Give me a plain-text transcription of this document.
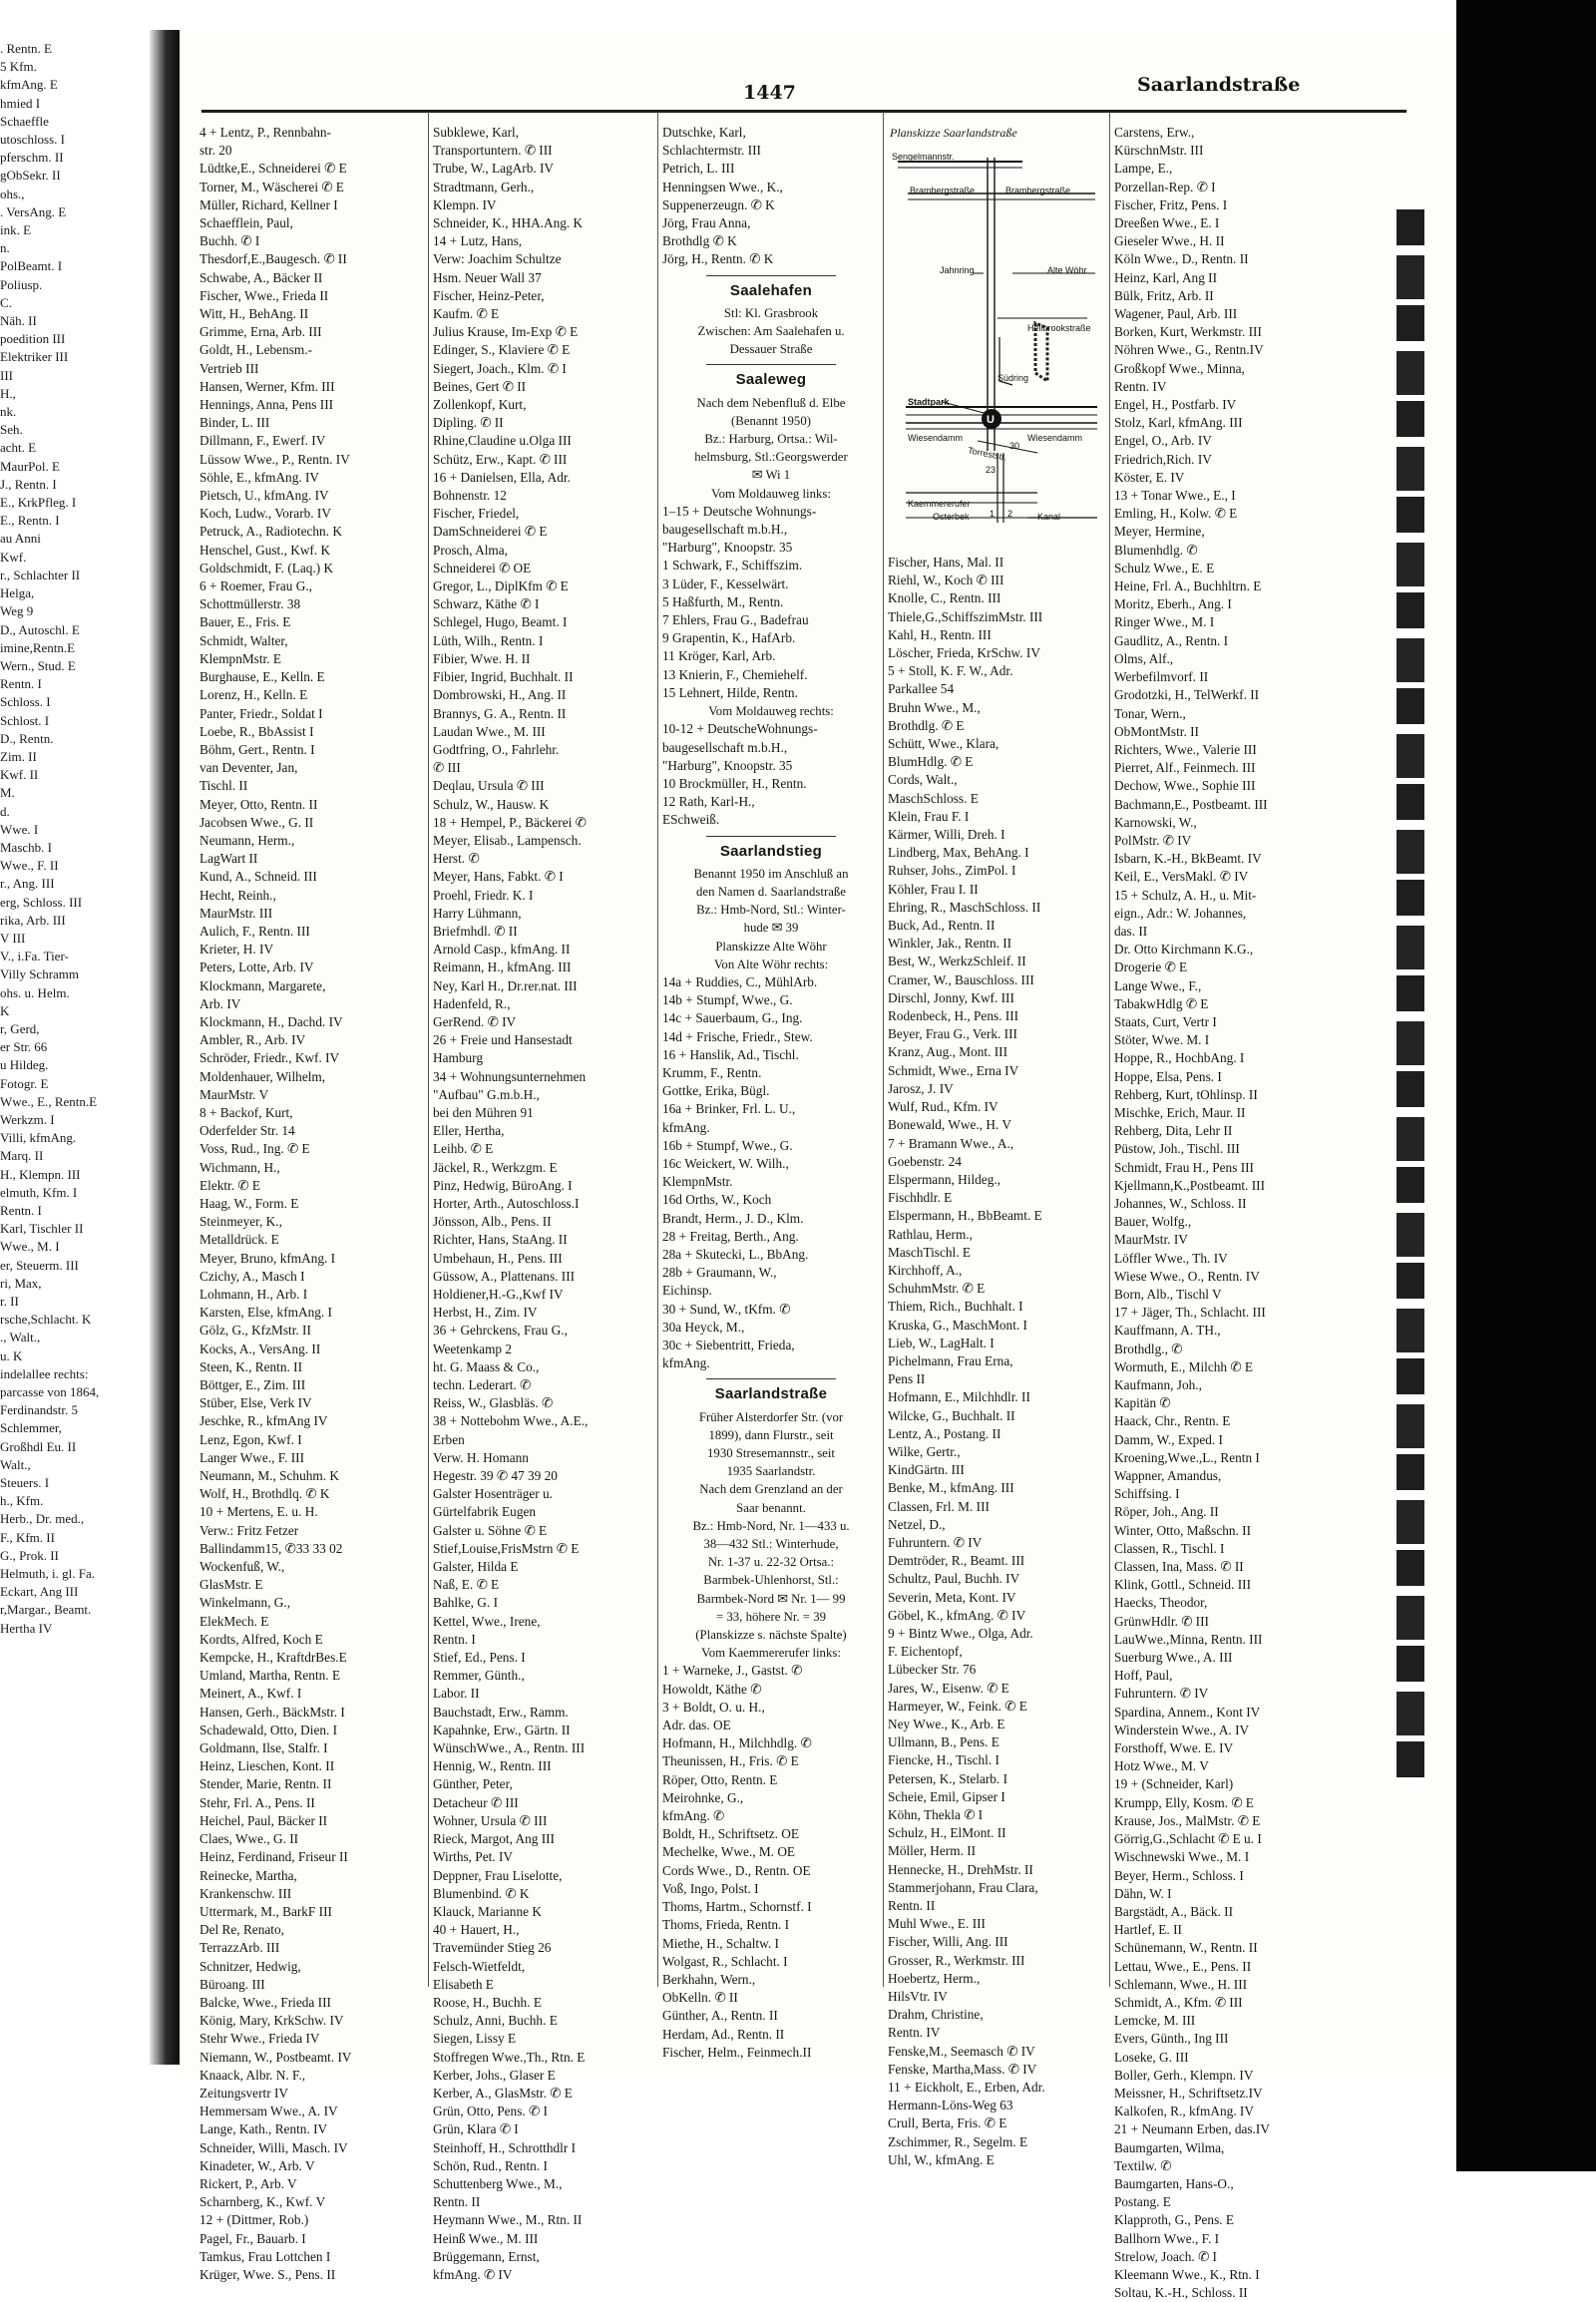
. Rentn. E
5 Kfm.
kfmAng. E
hmied I
Schaeffle
utoschloss. I
pferschm. II
gObSekr. II
ohs.,
. VersAng. E
ink. E
n.
PolBeamt. I
Poliusp.
C.
Näh. II
poedition III
Elektriker III
III
H.,
nk.
Seh.
acht. E
MaurPol. E
J., Rentn. I
E., KrkPfleg. I
E., Rentn. I
au Anni
Kwf.
r., Schlachter II
Helga,
Weg 9
D., Autoschl. E
imine,Rentn.E
Wern., Stud. E
Rentn. I
Schloss. I
Schlost. I
D., Rentn.
Zim. II
Kwf. II
M.
d.
Wwe. I
Maschb. I
Wwe., F. II
r., Ang. III
erg, Schloss. III
rika, Arb. III
V III
V., i.Fa. Tier-
Villy Schramm
ohs. u. Helm.
K
r, Gerd,
er Str. 66
u Hildeg.
Fotogr. E
Wwe., E., Rentn.E
Werkzm. I
Villi, kfmAng.
Marq. II
H., Klempn. III
elmuth, Kfm. I
Rentn. I
Karl, Tischler II
Wwe., M. I
er, Steuerm. III
ri, Max,
r. II
rsche,Schlacht. K
., Walt.,
u. K
indelallee rechts:
parcasse von 1864,
Ferdinandstr. 5
Schlemmer,
Großhdl Eu. II
Walt.,
Steuers. I
h., Kfm.
Herb., Dr. med.,
F., Kfm. II
G., Prok. II
Helmuth, i. gl. Fa.
Eckart, Ang III
r,Margar., Beamt.
Hertha IV
1447	Saarlandstraße
4 + Lentz, P., Rennbahn-
str. 20
Lüdtke,E., Schneiderei ✆ E
Torner, M., Wäscherei ✆ E
Müller, Richard, Kellner I
Schaefflein, Paul,
Buchh. ✆ I
Thesdorf,E.,Baugesch. ✆ II
Schwabe, A., Bäcker II
Fischer, Wwe., Frieda II
Witt, H., BehAng. II
Grimme, Erna, Arb. III
Goldt, H., Lebensm.-
Vertrieb III
Hansen, Werner, Kfm. III
Hennings, Anna, Pens III
Binder, L. III
Dillmann, F., Ewerf. IV
Lüssow Wwe., P., Rentn. IV
Söhle, E., kfmAng. IV
Pietsch, U., kfmAng. IV
Koch, Ludw., Vorarb. IV
Petruck, A., Radiotechn. K
Henschel, Gust., Kwf. K
Goldschmidt, F. (Laq.) K
6 + Roemer, Frau G.,
Schottmüllerstr. 38
Bauer, E., Fris. E
Schmidt, Walter,
KlempnMstr. E
Burghause, E., Kelln. E
Lorenz, H., Kelln. E
Panter, Friedr., Soldat I
Loebe, R., BbAssist I
Böhm, Gert., Rentn. I
van Deventer, Jan,
Tischl. II
Meyer, Otto, Rentn. II
Jacobsen Wwe., G. II
Neumann, Herm.,
LagWart II
Kund, A., Schneid. III
Hecht, Reinh.,
MaurMstr. III
Aulich, F., Rentn. III
Krieter, H. IV
Peters, Lotte, Arb. IV
Klockmann, Margarete,
Arb. IV
Klockmann, H., Dachd. IV
Ambler, R., Arb. IV
Schröder, Friedr., Kwf. IV
Moldenhauer, Wilhelm,
MaurMstr. V
8 + Backof, Kurt,
Oderfelder Str. 14
Voss, Rud., Ing. ✆ E
Wichmann, H.,
Elektr. ✆ E
Haag, W., Form. E
Steinmeyer, K.,
Metalldrück. E
Meyer, Bruno, kfmAng. I
Czichy, A., Masch I
Lohmann, H., Arb. I
Karsten, Else, kfmAng. I
Gölz, G., KfzMstr. II
Kocks, A., VersAng. II
Steen, K., Rentn. II
Böttger, E., Zim. III
Stüber, Else, Verk IV
Jeschke, R., kfmAng IV
Lenz, Egon, Kwf. I
Langer Wwe., F. III
Neumann, M., Schuhm. K
Wolf, H., Brothdlq. ✆ K
10 + Mertens, E. u. H.
Verw.: Fritz Fetzer
Ballindamm15, ✆33 33 02
Wockenfuß, W.,
GlasMstr. E
Winkelmann, G.,
ElekMech. E
Kordts, Alfred, Koch E
Kempcke, H., KraftdrBes.E
Umland, Martha, Rentn. E
Meinert, A., Kwf. I
Hansen, Gerh., BäckMstr. I
Schadewald, Otto, Dien. I
Goldmann, Ilse, Stalfr. I
Heinz, Lieschen, Kont. II
Stender, Marie, Rentn. II
Stehr, Frl. A., Pens. II
Heichel, Paul, Bäcker II
Claes, Wwe., G. II
Heinz, Ferdinand, Friseur II
Reinecke, Martha,
Krankenschw. III
Uttermark, M., BarkF III
Del Re, Renato,
TerrazzArb. III
Schnitzer, Hedwig,
Büroang. III
Balcke, Wwe., Frieda III
König, Mary, KrkSchw. IV
Stehr Wwe., Frieda IV
Niemann, W., Postbeamt. IV
Knaack, Albr. N. F.,
Zeitungsvertr IV
Hemmersam Wwe., A. IV
Lange, Kath., Rentn. IV
Schneider, Willi, Masch. IV
Kinadeter, W., Arb. V
Rickert, P., Arb. V
Scharnberg, K., Kwf. V
12 + (Dittmer, Rob.)
Pagel, Fr., Bauarb. I
Tamkus, Frau Lottchen I
Krüger, Wwe. S., Pens. II
Subklewe, Karl,
Transportuntern. ✆ III
Trube, W., LagArb. IV
Stradtmann, Gerh.,
Klempn. IV
Schneider, K., HHA.Ang. K
14 + Lutz, Hans,
Verw: Joachim Schultze
Hsm. Neuer Wall 37
Fischer, Heinz-Peter,
Kaufm. ✆ E
Julius Krause, Im-Exp ✆ E
Edinger, S., Klaviere ✆ E
Siegert, Joach., Klm. ✆ I
Beines, Gert ✆ II
Zollenkopf, Kurt,
Dipling. ✆ II
Rhine,Claudine u.Olga III
Schütz, Erw., Kapt. ✆ III
16 + Danielsen, Ella, Adr.
Bohnenstr. 12
Fischer, Friedel,
DamSchneiderei ✆ E
Prosch, Alma,
Schneiderei ✆ OE
Gregor, L., DiplKfm ✆ E
Schwarz, Käthe ✆ I
Schlegel, Hugo, Beamt. I
Lüth, Wilh., Rentn. I
Fibier, Wwe. H. II
Fibier, Ingrid, Buchhalt. II
Dombrowski, H., Ang. II
Brannys, G. A., Rentn. II
Laudan Wwe., M. III
Godtfring, O., Fahrlehr.
✆ III
Deqlau, Ursula ✆ III
Schulz, W., Hausw. K
18 + Hempel, P., Bäckerei ✆
Meyer, Elisab., Lampensch.
Herst. ✆
Meyer, Hans, Fabkt. ✆ I
Proehl, Friedr. K. I
Harry Lühmann,
Briefmhdl. ✆ II
Arnold Casp., kfmAng. II
Reimann, H., kfmAng. III
Ney, Karl H., Dr.rer.nat. III
Hadenfeld, R.,
GerRend. ✆ IV
26 + Freie und Hansestadt
Hamburg
34 + Wohnungsunternehmen
"Aufbau" G.m.b.H.,
bei den Mühren 91
Eller, Hertha,
Leihb. ✆ E
Jäckel, R., Werkzgm. E
Pinz, Hedwig, BüroAng. I
Horter, Arth., Autoschloss.I
Jönsson, Alb., Pens. II
Richter, Hans, StaAng. II
Umbehaun, H., Pens. III
Güssow, A., Plattenans. III
Holdiener,H.-G.,Kwf IV
Herbst, H., Zim. IV
36 + Gehrckens, Frau G.,
Weetenkamp 2
ht. G. Maass & Co.,
techn. Lederart. ✆
Reiss, W., Glasbläs. ✆
38 + Nottebohm Wwe., A.E.,
Erben
Verw. H. Homann
Hegestr. 39 ✆ 47 39 20
Galster Hosenträger u.
Gürtelfabrik Eugen
Galster u. Söhne ✆ E
Stief,Louise,FrisMstrn ✆ E
Galster, Hilda E
Naß, E. ✆ E
Bahlke, G. I
Kettel, Wwe., Irene,
Rentn. I
Stief, Ed., Pens. I
Remmer, Günth.,
Labor. II
Bauchstadt, Erw., Ramm.
Kapahnke, Erw., Gärtn. II
WünschWwe., A., Rentn. III
Hennig, W., Rentn. III
Günther, Peter,
Detacheur ✆ III
Wohner, Ursula ✆ III
Rieck, Margot, Ang III
Wirths, Pet. IV
Deppner, Frau Liselotte,
Blumenbind. ✆ K
Klauck, Marianne K
40 + Hauert, H.,
Travemünder Stieg 26
Felsch-Wietfeldt,
Elisabeth E
Roose, H., Buchh. E
Schulz, Anni, Buchh. E
Siegen, Lissy E
Stoffregen Wwe.,Th., Rtn. E
Kerber, Johs., Glaser E
Kerber, A., GlasMstr. ✆ E
Grün, Otto, Pens. ✆ I
Grün, Klara ✆ I
Steinhoff, H., Schrotthdlr I
Schön, Rud., Rentn. I
Schuttenberg Wwe., M.,
Rentn. II
Heymann Wwe., M., Rtn. II
Heinß Wwe., M. III
Brüggemann, Ernst,
kfmAng. ✆ IV
Dutschke, Karl,
Schlachtermstr. III
Petrich, L. III
Henningsen Wwe., K.,
Suppenerzeugn. ✆ K
Jörg, Frau Anna,
Brothdlg ✆ K
Jörg, H., Rentn. ✆ K
Saalehafen
Stl: Kl. Grasbrook
Zwischen: Am Saalehafen u.
Dessauer Straße
Saaleweg
Nach dem Nebenfluß d. Elbe
(Benannt 1950)
Bz.: Harburg, Ortsa.: Wil-
helmsburg, Stl.:Georgswerder
✉ Wi 1
Vom Moldauweg links:
1–15 + Deutsche Wohnungs-
baugesellschaft m.b.H.,
"Harburg", Knoopstr. 35
1 Schwark, F., Schiffszim.
3 Lüder, F., Kesselwärt.
5 Haßfurth, M., Rentn.
7 Ehlers, Frau G., Badefrau
9 Grapentin, K., HafArb.
11 Kröger, Karl, Arb.
13 Knierin, F., Chemiehelf.
15 Lehnert, Hilde, Rentn.
Vom Moldauweg rechts:
10-12 + DeutscheWohnungs-
baugesellschaft m.b.H.,
"Harburg", Knoopstr. 35
10 Brockmüller, H., Rentn.
12 Rath, Karl-H.,
ESchweiß.
Saarlandstieg
Benannt 1950 im Anschluß an
den Namen d. Saarlandstraße
Bz.: Hmb-Nord, Stl.: Winter-
hude ✉ 39
Planskizze Alte Wöhr
Von Alte Wöhr rechts:
14a + Ruddies, C., MühlArb.
14b + Stumpf, Wwe., G.
14c + Sauerbaum, G., Ing.
14d + Frische, Friedr., Stew.
16 + Hanslik, Ad., Tischl.
Krumm, F., Rentn.
Gottke, Erika, Bügl.
16a + Brinker, Frl. L. U.,
kfmAng.
16b + Stumpf, Wwe., G.
16c Weickert, W. Wilh.,
KlempnMstr.
16d Orths, W., Koch
Brandt, Herm., J. D., Klm.
28 + Freitag, Berth., Ang.
28a + Skutecki, L., BbAng.
28b + Graumann, W.,
Eichinsp.
30 + Sund, W., tKfm. ✆
30a Heyck, M.,
30c + Siebentritt, Frieda,
kfmAng.
Saarlandstraße
Früher Alsterdorfer Str. (vor
1899), dann Flurstr., seit
1930 Stresemannstr., seit
1935 Saarlandstr.
Nach dem Grenzland an der
Saar benannt.
Bz.: Hmb-Nord, Nr. 1—433 u.
38—432 Stl.: Winterhude,
Nr. 1-37 u. 22-32 Ortsa.:
Barmbek-Uhlenhorst, Stl.:
Barmbek-Nord ✉ Nr. 1— 99
= 33, höhere Nr. = 39
(Planskizze s. nächste Spalte)
Vom Kaemmererufer links:
1 + Warneke, J., Gastst. ✆
Howoldt, Käthe ✆
3 + Boldt, O. u. H.,
Adr. das. OE
Hofmann, H., Milchhdlg. ✆
Theunissen, H., Fris. ✆ E
Röper, Otto, Rentn. E
Meirohnke, G.,
kfmAng. ✆
Boldt, H., Schriftsetz. OE
Mechelke, Wwe., M. OE
Cords Wwe., D., Rentn. OE
Voß, Ingo, Polst. I
Thoms, Hartm., Schornstf. I
Thoms, Frieda, Rentn. I
Miethe, H., Schaltw. I
Wolgast, R., Schlacht. I
Berkhahn, Wern.,
ObKelln. ✆ II
Günther, A., Rentn. II
Herdam, Ad., Rentn. II
Fischer, Helm., Feinmech.II
Planskizze Saarlandstraße
U
Sengelmannstr.
Brambergstraße	Brambergstraße
Jahnring	Alte Wöhr
Südring
Hellbrookstraße
Stadtpark
Wiesendamm	Wiesendamm
Torreststr.
Kaemmererufer
Osterbek	Kanal
23
30
1 2
Fischer, Hans, Mal. II
Riehl, W., Koch ✆ III
Knolle, C., Rentn. III
Thiele,G.,SchiffszimMstr. III
Kahl, H., Rentn. III
Löscher, Frieda, KrSchw. IV
5 + Stoll, K. F. W., Adr.
Parkallee 54
Bruhn Wwe., M.,
Brothdlg. ✆ E
Schütt, Wwe., Klara,
BlumHdlg. ✆ E
Cords, Walt.,
MaschSchloss. E
Klein, Frau F. I
Kärmer, Willi, Dreh. I
Lindberg, Max, BehAng. I
Ruhser, Johs., ZimPol. I
Köhler, Frau I. II
Ehring, R., MaschSchloss. II
Buck, Ad., Rentn. II
Winkler, Jak., Rentn. II
Best, W., WerkzSchleif. II
Cramer, W., Bauschloss. III
Dirschl, Jonny, Kwf. III
Rodenbeck, H., Pens. III
Beyer, Frau G., Verk. III
Kranz, Aug., Mont. III
Schmidt, Wwe., Erna IV
Jarosz, J. IV
Wulf, Rud., Kfm. IV
Bonewald, Wwe., H. V
7 + Bramann Wwe., A.,
Goebenstr. 24
Elspermann, Hildeg.,
Fischhdlr. E
Elspermann, H., BbBeamt. E
Rathlau, Herm.,
MaschTischl. E
Kirchhoff, A.,
SchuhmMstr. ✆ E
Thiem, Rich., Buchhalt. I
Kruska, G., MaschMont. I
Lieb, W., LagHalt. I
Pichelmann, Frau Erna,
Pens II
Hofmann, E., Milchhdlr. II
Wilcke, G., Buchhalt. II
Lentz, A., Postang. II
Wilke, Gertr.,
KindGärtn. III
Benke, M., kfmAng. III
Classen, Frl. M. III
Netzel, D.,
Fuhruntern. ✆ IV
Demtröder, R., Beamt. III
Schultz, Paul, Buchh. IV
Severin, Meta, Kont. IV
Göbel, K., kfmAng. ✆ IV
9 + Bintz Wwe., Olga, Adr.
F. Eichentopf,
Lübecker Str. 76
Jares, W., Eisenw. ✆ E
Harmeyer, W., Feink. ✆ E
Ney Wwe., K., Arb. E
Ullmann, B., Pens. E
Fiencke, H., Tischl. I
Petersen, K., Stelarb. I
Scheie, Emil, Gipser I
Köhn, Thekla ✆ I
Schulz, H., ElMont. II
Möller, Herm. II
Hennecke, H., DrehMstr. II
Stammerjohann, Frau Clara,
Rentn. II
Muhl Wwe., E. III
Fischer, Willi, Ang. III
Grosser, R., Werkmstr. III
Hoebertz, Herm.,
HilsVtr. IV
Drahm, Christine,
Rentn. IV
Fenske,M., Seemasch ✆ IV
Fenske, Martha,Mass. ✆ IV
11 + Eickholt, E., Erben, Adr.
Hermann-Löns-Weg 63
Crull, Berta, Fris. ✆ E
Zschimmer, R., Segelm. E
Uhl, W., kfmAng. E
Carstens, Erw.,
KürschnMstr. III
Lampe, E.,
Porzellan-Rep. ✆ I
Fischer, Fritz, Pens. I
Dreeßen Wwe., E. I
Gieseler Wwe., H. II
Köln Wwe., D., Rentn. II
Heinz, Karl, Ang II
Bülk, Fritz, Arb. II
Wagener, Paul, Arb. III
Borken, Kurt, Werkmstr. III
Nöhren Wwe., G., Rentn.IV
Großkopf Wwe., Minna,
Rentn. IV
Engel, H., Postfarb. IV
Stolz, Karl, kfmAng. III
Engel, O., Arb. IV
Friedrich,Rich. IV
Köster, E. IV
13 + Tonar Wwe., E., I
Emling, H., Kolw. ✆ E
Meyer, Hermine,
Blumenhdlg. ✆
Schulz Wwe., E. E
Heine, Frl. A., Buchhltrn. E
Moritz, Eberh., Ang. I
Ringer Wwe., M. I
Gaudlitz, A., Rentn. I
Olms, Alf.,
Werbefilmvorf. II
Grodotzki, H., TelWerkf. II
Tonar, Wern.,
ObMontMstr. II
Richters, Wwe., Valerie III
Pierret, Alf., Feinmech. III
Dechow, Wwe., Sophie III
Bachmann,E., Postbeamt. III
Karnowski, W.,
PolMstr. ✆ IV
Isbarn, K.-H., BkBeamt. IV
Keil, E., VersMakl. ✆ IV
15 + Schulz, A. H., u. Mit-
eign., Adr.: W. Johannes,
das. II
Dr. Otto Kirchmann K.G.,
Drogerie ✆ E
Lange Wwe., F.,
TabakwHdlg ✆ E
Staats, Curt, Vertr I
Stöter, Wwe. M. I
Hoppe, R., HochbAng. I
Hoppe, Elsa, Pens. I
Rehberg, Kurt, tOhlinsp. II
Mischke, Erich, Maur. II
Rehberg, Dita, Lehr II
Püstow, Joh., Tischl. III
Schmidt, Frau H., Pens III
Kjellmann,K.,Postbeamt. III
Johannes, W., Schloss. II
Bauer, Wolfg.,
MaurMstr. IV
Löffler Wwe., Th. IV
Wiese Wwe., O., Rentn. IV
Born, Alb., Tischl V
17 + Jäger, Th., Schlacht. III
Kauffmann, A. TH.,
Brothdlg., ✆
Wormuth, E., Milchh ✆ E
Kaufmann, Joh.,
Kapitän ✆
Haack, Chr., Rentn. E
Damm, W., Exped. I
Kroening,Wwe.,L., Rentn I
Wappner, Amandus,
Schiffsing. I
Röper, Joh., Ang. II
Winter, Otto, Maßschn. II
Classen, R., Tischl. I
Classen, Ina, Mass. ✆ II
Klink, Gottl., Schneid. III
Haecks, Theodor,
GrünwHdlr. ✆ III
LauWwe.,Minna, Rentn. III
Suerburg Wwe., A. III
Hoff, Paul,
Fuhruntern. ✆ IV
Spardina, Annem., Kont IV
Winderstein Wwe., A. IV
Forsthoff, Wwe. E. IV
Hotz Wwe., M. V
19 + (Schneider, Karl)
Krumpp, Elly, Kosm. ✆ E
Krause, Jos., MalMstr. ✆ E
Görrig,G.,Schlacht ✆ E u. I
Wischnewski Wwe., M. I
Beyer, Herm., Schloss. I
Dähn, W. I
Bargstädt, A., Bäck. II
Hartlef, E. II
Schünemann, W., Rentn. II
Lettau, Wwe., E., Pens. II
Schlemann, Wwe., H. III
Schmidt, A., Kfm. ✆ III
Lemcke, M. III
Evers, Günth., Ing III
Loseke, G. III
Boller, Gerh., Klempn. IV
Meissner, H., Schriftsetz.IV
Kalkofen, R., kfmAng. IV
21 + Neumann Erben, das.IV
Baumgarten, Wilma,
Textilw. ✆
Baumgarten, Hans-O.,
Postang. E
Klapproth, G., Pens. E
Ballhorn Wwe., F. I
Strelow, Joach. ✆ I
Kleemann Wwe., K., Rtn. I
Soltau, K.-H., Schloss. II
